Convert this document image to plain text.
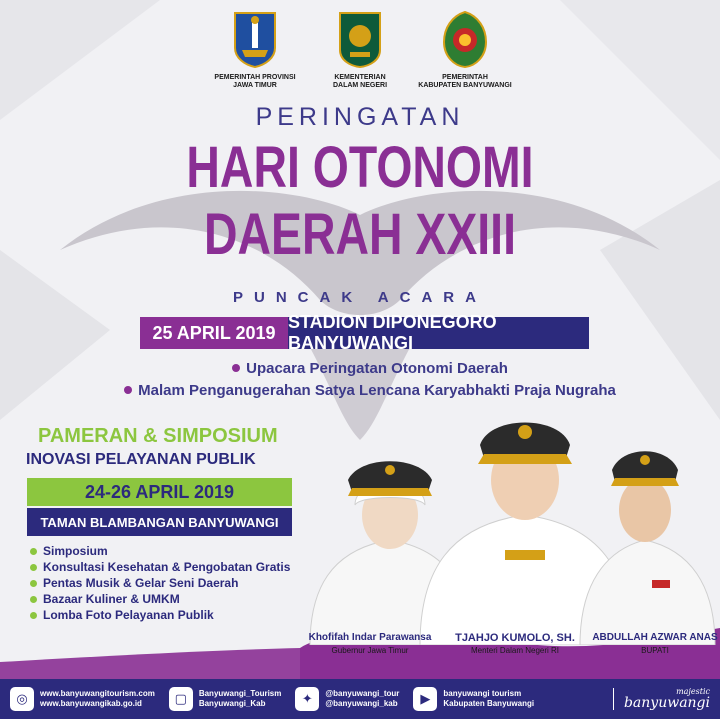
PEMERINTAH PROVINSI
JAWA TIMUR
KEMENTERIAN
DALAM NEGERI
PEMERINTAH
KABUPATEN BANYUWANGI
PERINGATAN
HARI OTONOMI
DAERAH XXIII
PUNCAK ACARA
25 APRIL 2019
STADION DIPONEGORO BANYUWANGI
Upacara Peringatan Otonomi Daerah
Malam Penganugerahan Satya Lencana Karyabhakti Praja Nugraha
PAMERAN & SIMPOSIUM
INOVASI PELAYANAN PUBLIK
24-26 APRIL 2019
TAMAN BLAMBANGAN BANYUWANGI
Simposium
Konsultasi Kesehatan & Pengobatan Gratis
Pentas Musik & Gelar Seni Daerah
Bazaar Kuliner & UMKM
Lomba Foto Pelayanan Publik
Khofifah Indar Parawansa	TJAHJO KUMOLO, SH.	ABDULLAH AZWAR ANAS
Gubernur Jawa Timur	Menteri Dalam Negeri RI	BUPATI
◎	www.banyuwangitourism.com
www.banyuwangikab.go.id	▢	Banyuwangi_Tourism
Banyuwangi_Kab	✦	@banyuwangi_tour
@banyuwangi_kab	▶	banyuwangi tourism
Kabupaten Banyuwangi
majestic
banyuwangi
